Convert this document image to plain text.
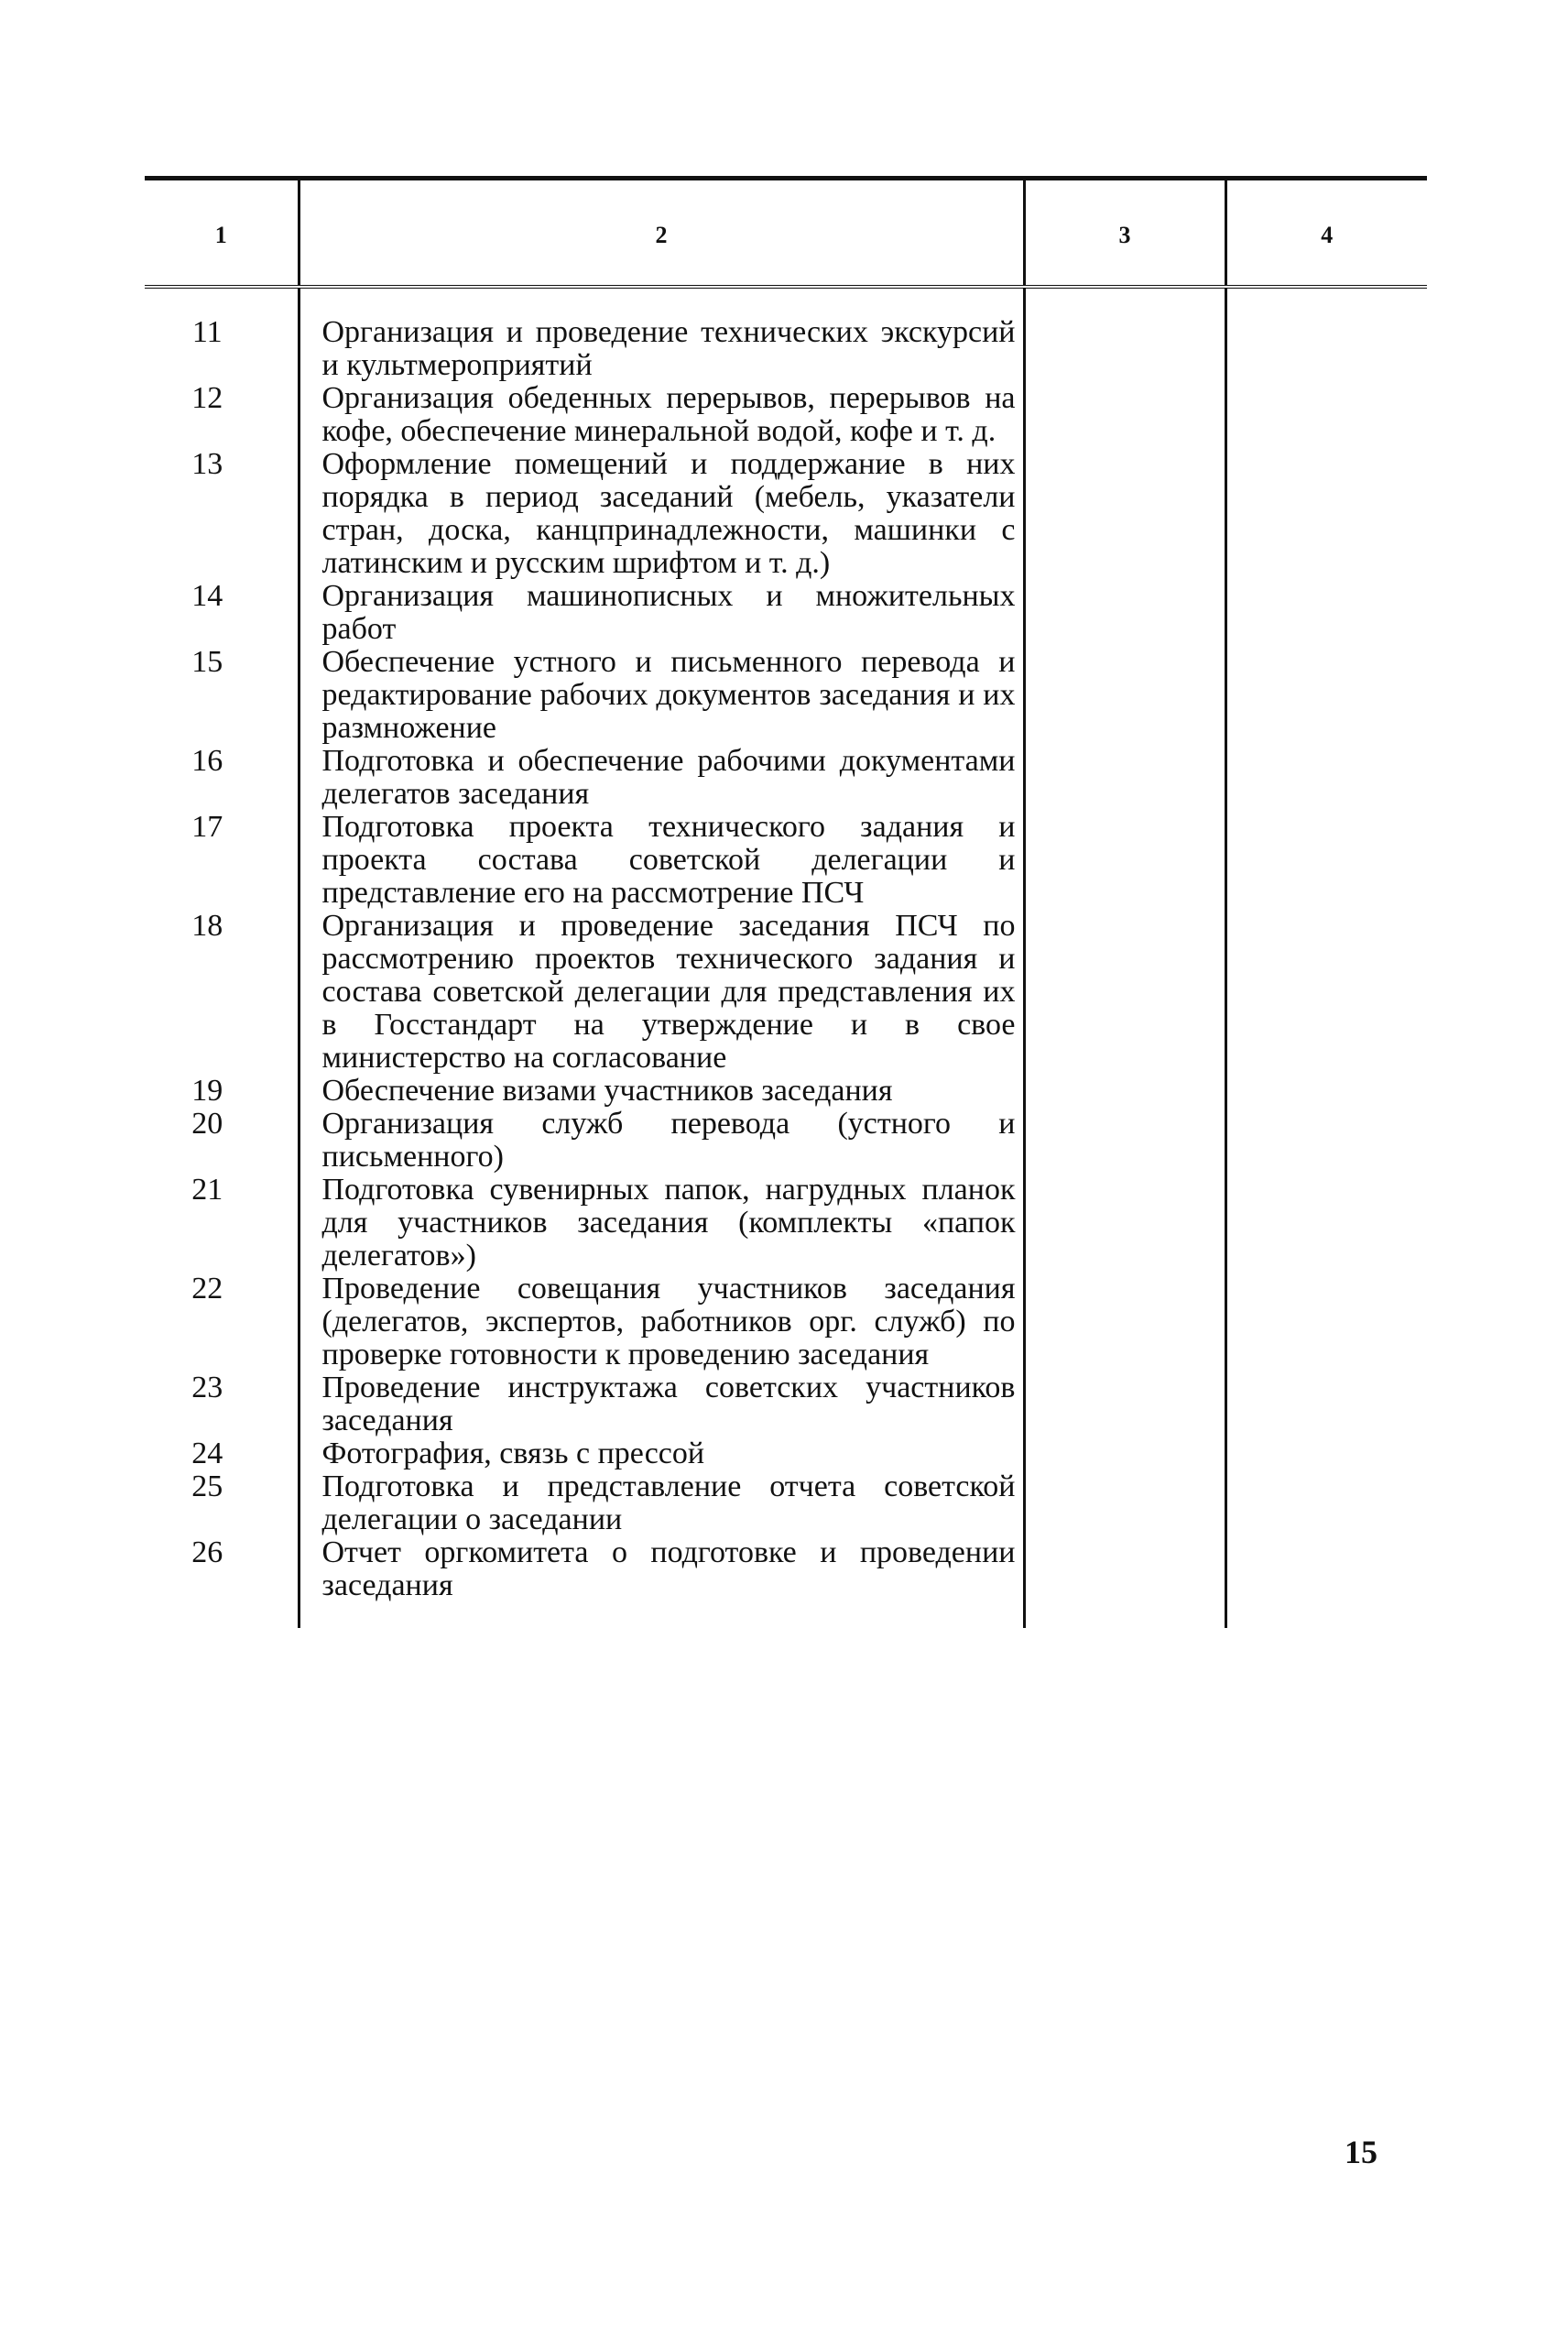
1	2	3	4
11	Организация и проведение технических экскурсий и культмероприятий		
12	Организация обеденных перерывов, перерывов на кофе, обеспечение минеральной водой, кофе и т. д.		
13	Оформление помещений и поддержание в них порядка в период заседаний (мебель, указатели стран, доска, канцпринадлежности, машинки с латинским и русским шрифтом и т. д.)		
14	Организация машинописных и множительных работ		
15	Обеспечение устного и письменного перевода и редактирование рабочих документов заседания и их размножение		
16	Подготовка и обеспечение рабочими документами делегатов заседания		
17	Подготовка проекта технического задания и проекта состава советской делегации и представление его на рассмотрение ПСЧ		
18	Организация и проведение заседания ПСЧ по рассмотрению проектов технического задания и состава советской делегации для представления их в Госстандарт на утверждение и в свое министерство на согласование		
19	Обеспечение визами участников заседания		
20	Организация служб перевода (устного и письменного)		
21	Подготовка сувенирных папок, нагрудных планок для участников заседания (комплекты «папок делегатов»)		
22	Проведение совещания участников заседания (делегатов, экспертов, работников орг. служб) по проверке готовности к проведению заседания		
23	Проведение инструктажа советских участников заседания		
24	Фотография, связь с прессой		
25	Подготовка и представление отчета советской делегации о заседании		
26	Отчет оргкомитета о подготовке и проведении заседания		

15
